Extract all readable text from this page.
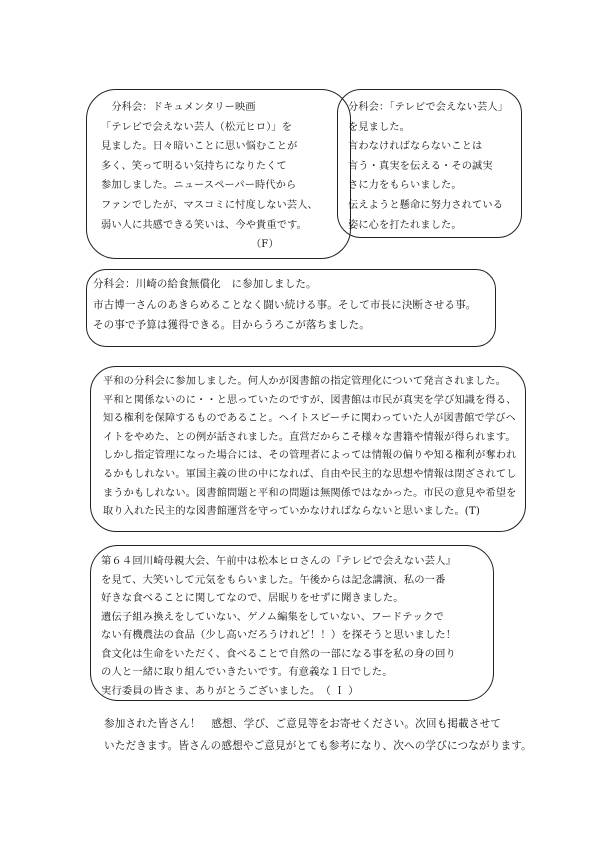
　分科会：ドキュメンタリー映画
「テレビで会えない芸人（松元ヒロ）」を
見ました。日々暗いことに思い悩むことが
多く、笑って明るい気持ちになりたくて
参加しました。ニュースペーパー時代から
ファンでしたが、マスコミに忖度しない芸人、
弱い人に共感できる笑いは、今や貴重です。
　　　　　　　　　　　　　　　（F）
分科会：「テレビで会えない芸人」
を見ました。
言わなければならないことは
言う・真実を伝える・その誠実
さに力をもらいました。
伝えようと懸命に努力されている
姿に心を打たれました。
分科会：川崎の給食無償化　に参加しました。
市古博一さんのあきらめることなく闘い続ける事。そして市長に決断させる事。
その事で予算は獲得できる。目からうろこが落ちました。
平和の分科会に参加しました。何人かが図書館の指定管理化について発言されました。
平和と関係ないのに・・と思っていたのですが、図書館は市民が真実を学び知識を得る、
知る権利を保障するものであること。ヘイトスピーチに関わっていた人が図書館で学びヘ
イトをやめた、との例が話されました。直営だからこそ様々な書籍や情報が得られます。
しかし指定管理になった場合には、その管理者によっては情報の偏りや知る権利が奪われ
るかもしれない。軍国主義の世の中になれば、自由や民主的な思想や情報は閉ざされてし
まうかもしれない。図書館問題と平和の問題は無関係ではなかった。市民の意見や希望を
取り入れた民主的な図書館運営を守っていかなければならないと思いました。(T)
第６４回川崎母親大会、午前中は松本ヒロさんの『テレビで会えない芸人』
を見て、大笑いして元気をもらいました。午後からは記念講演、私の一番
好きな食べることに関してなので、居眠りをせずに聞きました。
遺伝子組み換えをしていない、ゲノム編集をしていない、フードテックで
ない有機農法の食品（少し高いだろうけれど！！）を探そうと思いました！
食文化は生命をいただく、食べることで自然の一部になる事を私の身の回り
の人と一緒に取り組んでいきたいです。有意義な１日でした。
実行委員の皆さま、ありがとうございました。　（ Ｉ ）
参加された皆さん！　感想、学び、ご意見等をお寄せください。次回も掲載させて
いただきます。皆さんの感想やご意見がとても参考になり、次への学びにつながります。
